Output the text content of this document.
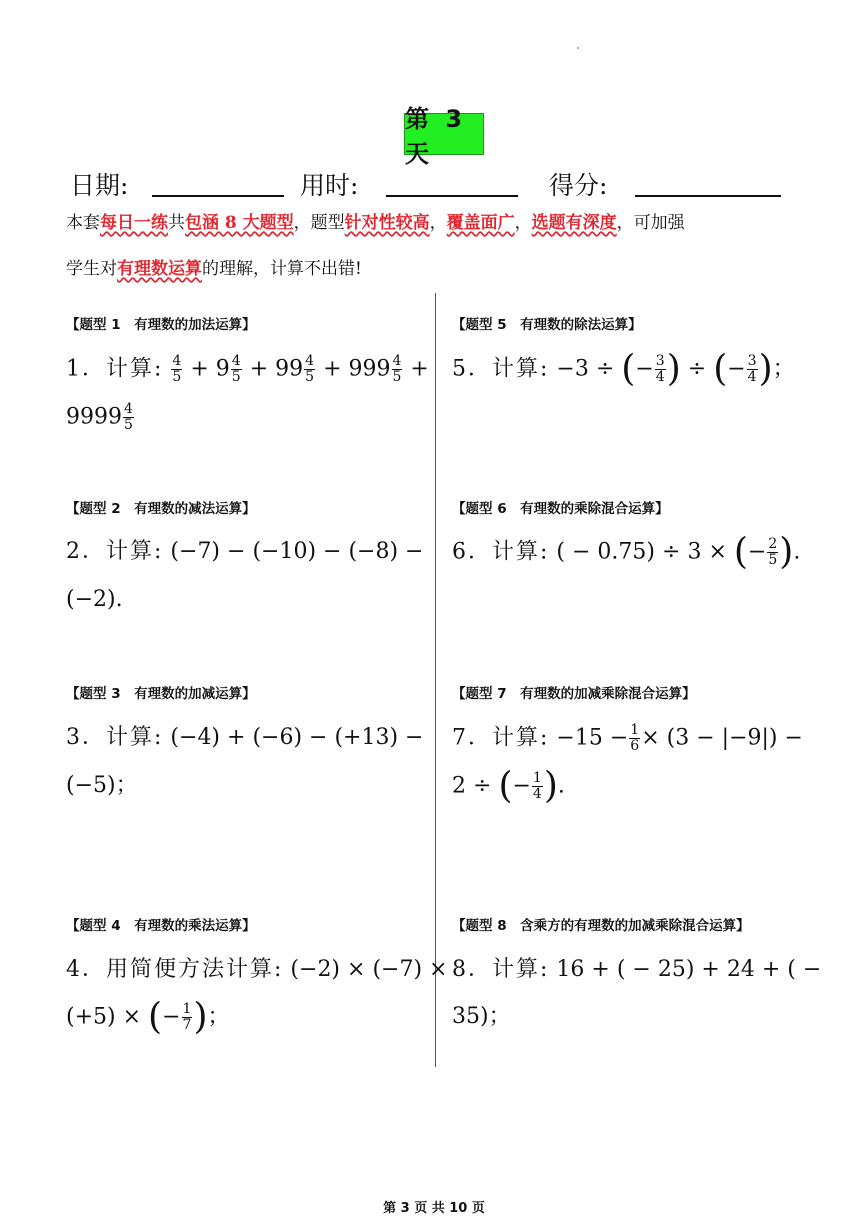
第 3 天
日期:	用时:	得分:
本套每日一练共包涵 8 大题型，题型针对性较高，覆盖面广，选题有深度，可加强
学生对有理数运算的理解，计算不出错!
【题型 1　有理数的加法运算】
1．计算: $\frac{4}{5} + 9 \frac{4}{5} + 99 \frac{4}{5} + 999 \frac{4}{5}$ +
$9999 \frac{4}{5}$
【题型 2　有理数的减法运算】
2．计算: (−7) − (−10) − (−8) −
(−2).
【题型 3　有理数的加减运算】
3．计算: (−4) + (−6) − (+13) −
(−5)；
【题型 4　有理数的乘法运算】
4．用简便方法计算: (−2) × (−7) ×
(+5) × (− $\frac{1}{7}$ )；
【题型 5　有理数的除法运算】
5．计算: −3 ÷ (− $\frac{3}{4}$ ) ÷ (− $\frac{3}{4}$ )；
【题型 6　有理数的乘除混合运算】
6．计算: ( − 0.75) ÷ 3 × (− $\frac{2}{5}$ ).
【题型 7　有理数的加减乘除混合运算】
7．计算: $-15 - \frac{1}{6} \times (3 - |-9|)$ −
2 ÷ (− $\frac{1}{4}$ ).
【题型 8　含乘方的有理数的加减乘除混合运算】
8．计算: 16 + ( − 25) + 24 + ( −
35)；
第 3 页 共 10 页
